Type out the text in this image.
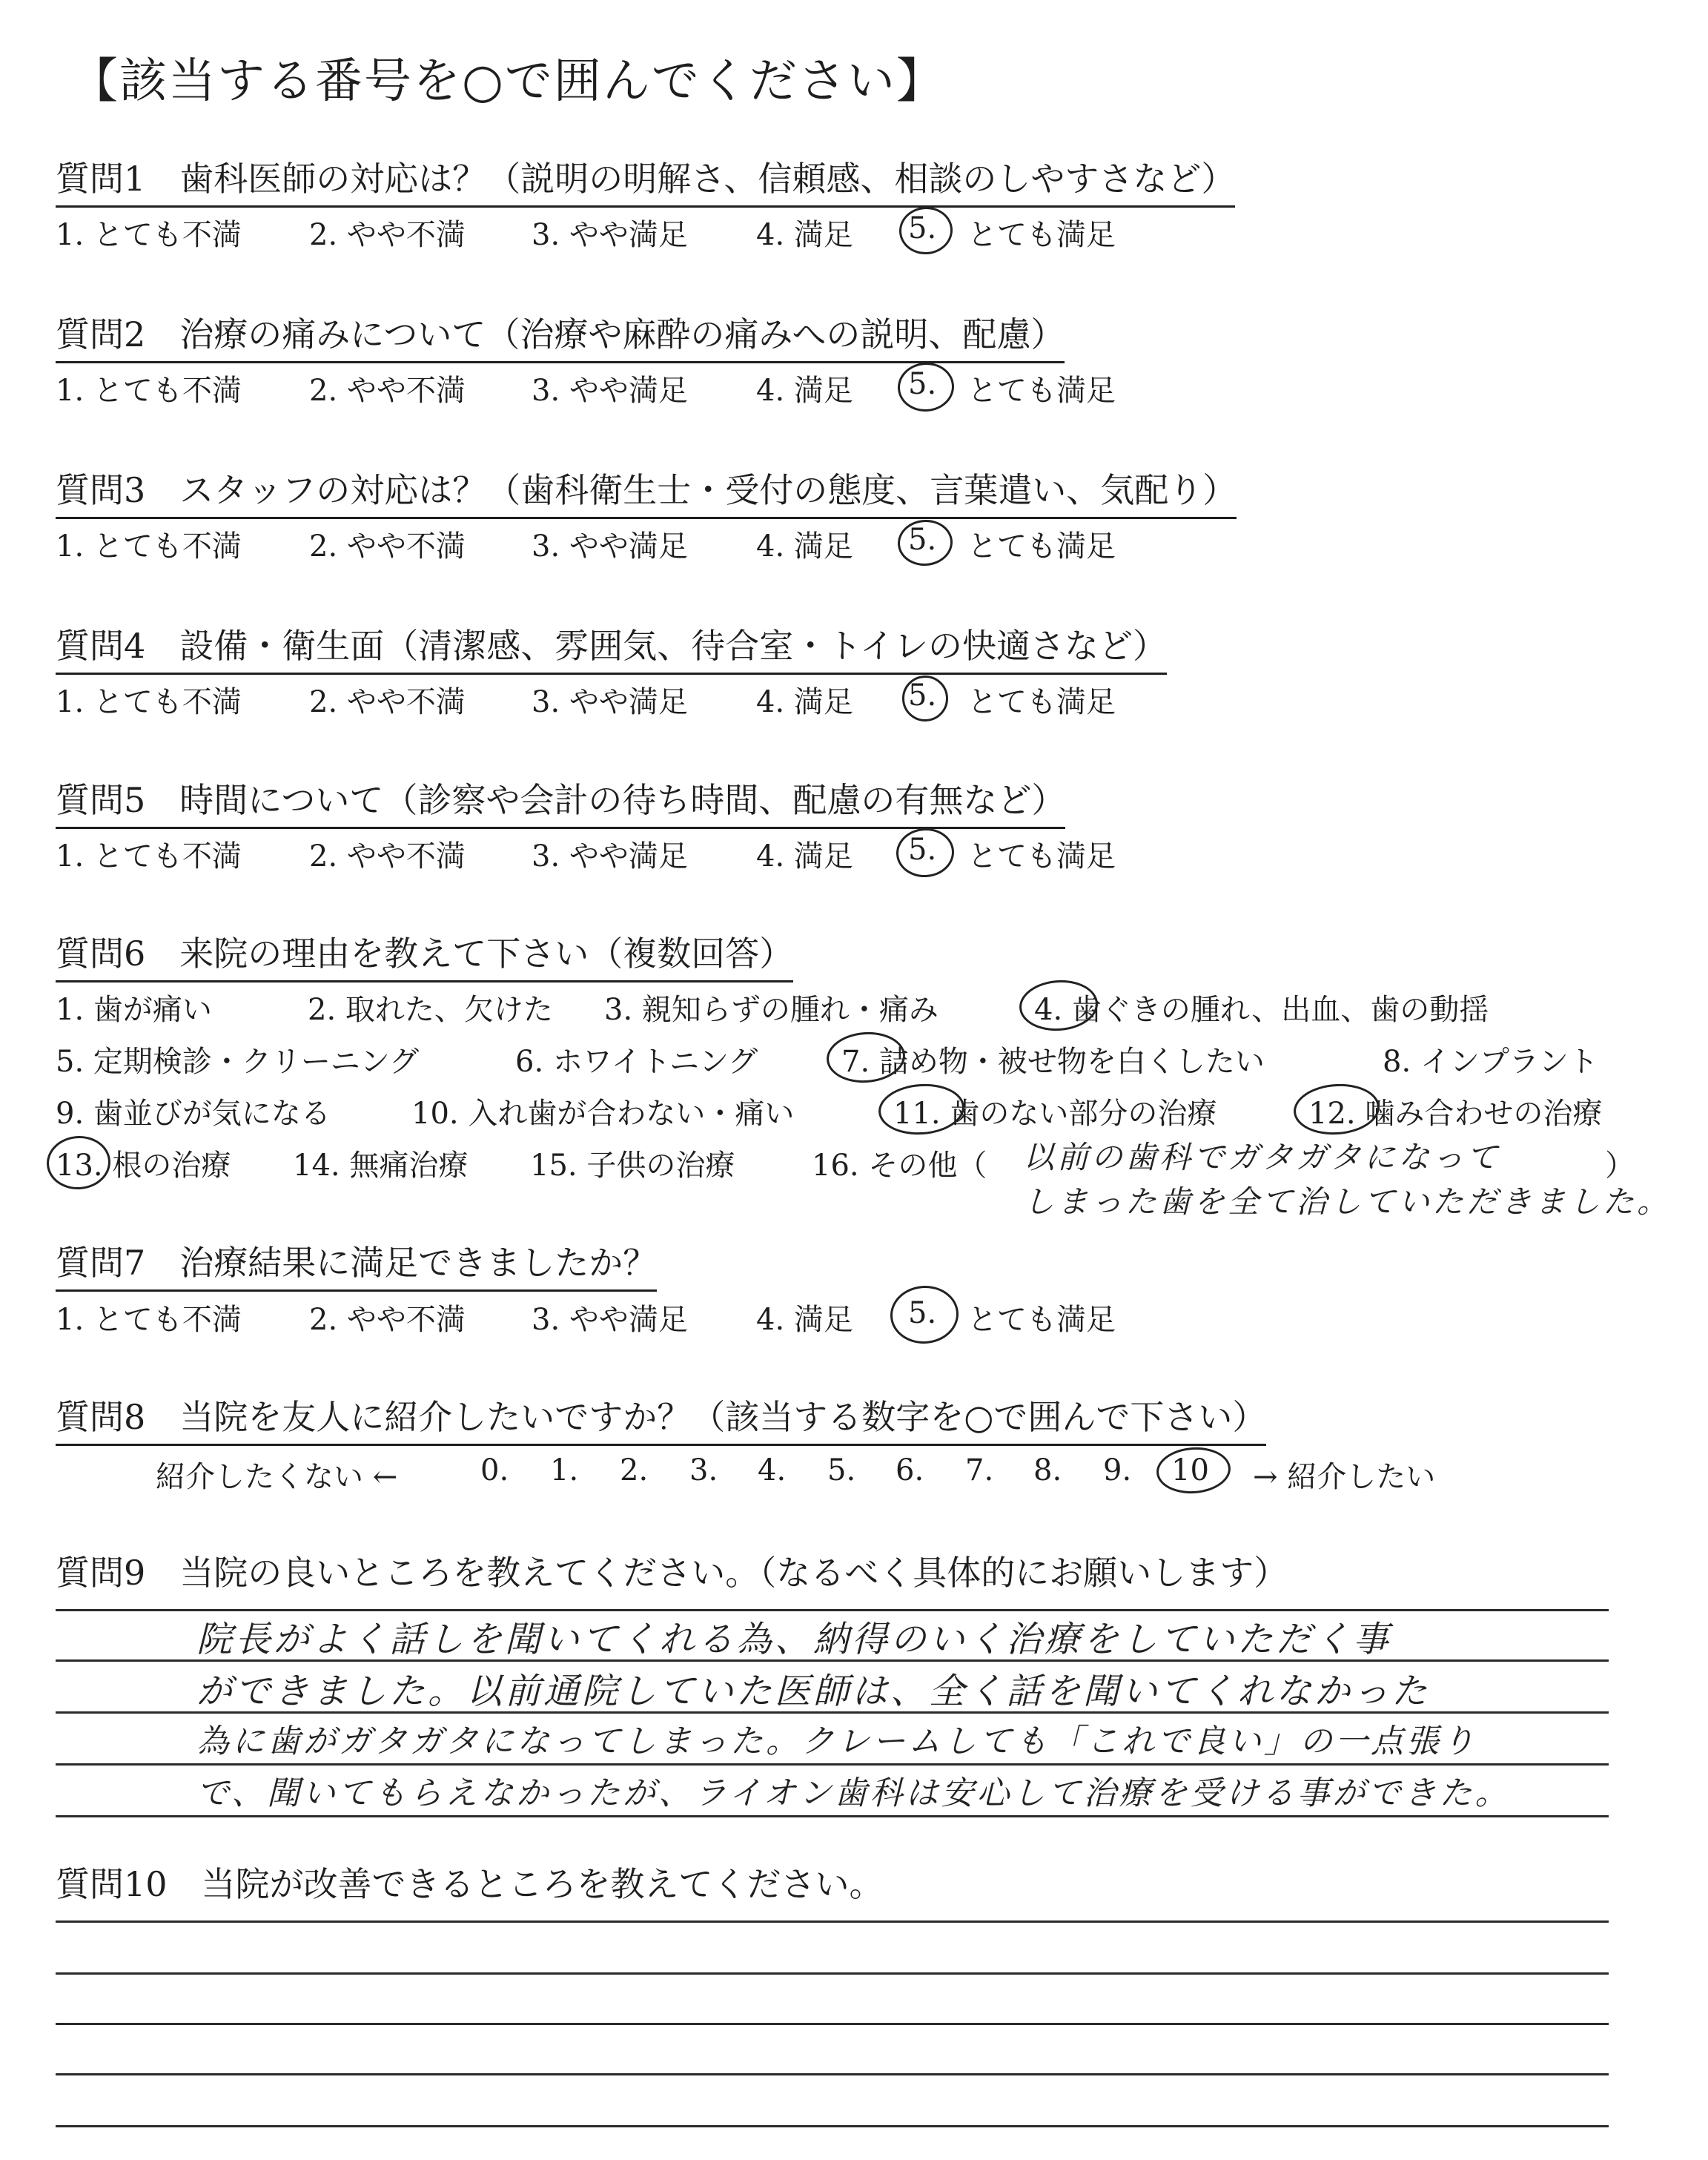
【該当する番号を○で囲んでください】
質問1　歯科医師の対応は？（説明の明解さ、信頼感、相談のしやすさなど）
1. とても不満 2. やや不満 3. やや満足 4. 満足 5. とても満足
質問2　治療の痛みについて（治療や麻酔の痛みへの説明、配慮）
1. とても不満 2. やや不満 3. やや満足 4. 満足 5. とても満足
質問3　スタッフの対応は？（歯科衛生士・受付の態度、言葉遣い、気配り）
1. とても不満 2. やや不満 3. やや満足 4. 満足 5. とても満足
質問4　設備・衛生面（清潔感、雰囲気、待合室・トイレの快適さなど）
1. とても不満 2. やや不満 3. やや満足 4. 満足 5. とても満足
質問5　時間について（診察や会計の待ち時間、配慮の有無など）
1. とても不満 2. やや不満 3. やや満足 4. 満足 5. とても満足
質問6　来院の理由を教えて下さい（複数回答）
1. 歯が痛い	2. 取れた、欠けた 3. 親知らずの腫れ・痛み	4. 歯ぐきの腫れ、出血、歯の動揺
5. 定期検診・クリーニング	6. ホワイトニング	7. 詰め物・被せ物を白くしたい	8. インプラント
9. 歯並びが気になる	10. 入れ歯が合わない・痛い	11. 歯のない部分の治療	12. 噛み合わせの治療
13. 根の治療 14. 無痛治療 15. 子供の治療	16. その他（	）
以前の歯科でガタガタになって
しまった歯を全て治していただきました。
質問7　治療結果に満足できましたか？
1. とても不満 2. やや不満 3. やや満足 4. 満足 5. とても満足
質問8　当院を友人に紹介したいですか？（該当する数字を○で囲んで下さい）
紹介したくない ←	0. 1. 2. 3. 4. 5. 6. 7. 8. 9. 10 → 紹介したい
質問9　当院の良いところを教えてください。（なるべく具体的にお願いします）
院長がよく話しを聞いてくれる為、納得のいく治療をしていただく事
ができました。以前通院していた医師は、全く話を聞いてくれなかった
為に歯がガタガタになってしまった。クレームしても「これで良い」の一点張り
で、聞いてもらえなかったが、ライオン歯科は安心して治療を受ける事ができた。
質問10　当院が改善できるところを教えてください。
